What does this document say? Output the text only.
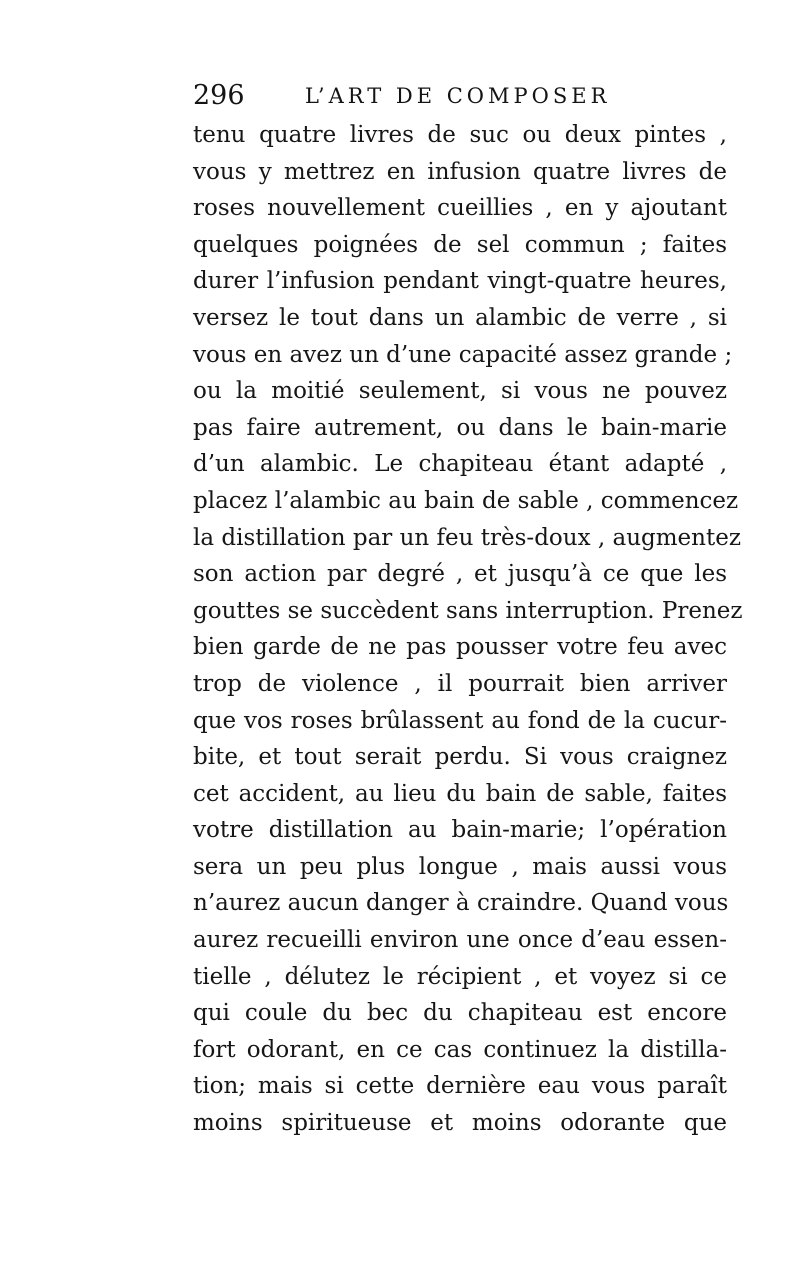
296	L’ART DE COMPOSER
tenu quatre livres de suc ou deux pintes ,
vous y mettrez en infusion quatre livres de
roses nouvellement cueillies , en y ajoutant
quelques poignées de sel commun ; faites
durer l’infusion pendant vingt-quatre heures,
versez le tout dans un alambic de verre , si
vous en avez un d’une capacité assez grande ;
ou la moitié seulement, si vous ne pouvez
pas faire autrement, ou dans le bain-marie
d’un alambic. Le chapiteau étant adapté ,
placez l’alambic au bain de sable , commencez
la distillation par un feu très-doux , augmentez
son action par degré , et jusqu’à ce que les
gouttes se succèdent sans interruption. Prenez
bien garde de ne pas pousser votre feu avec
trop de violence , il pourrait bien arriver
que vos roses brûlassent au fond de la cucur-
bite, et tout serait perdu. Si vous craignez
cet accident, au lieu du bain de sable, faites
votre distillation au bain-marie; l’opération
sera un peu plus longue , mais aussi vous
n’aurez aucun danger à craindre. Quand vous
aurez recueilli environ une once d’eau essen-
tielle , délutez le récipient , et voyez si ce
qui coule du bec du chapiteau est encore
fort odorant, en ce cas continuez la distilla-
tion; mais si cette dernière eau vous paraît
moins spiritueuse et moins odorante que
